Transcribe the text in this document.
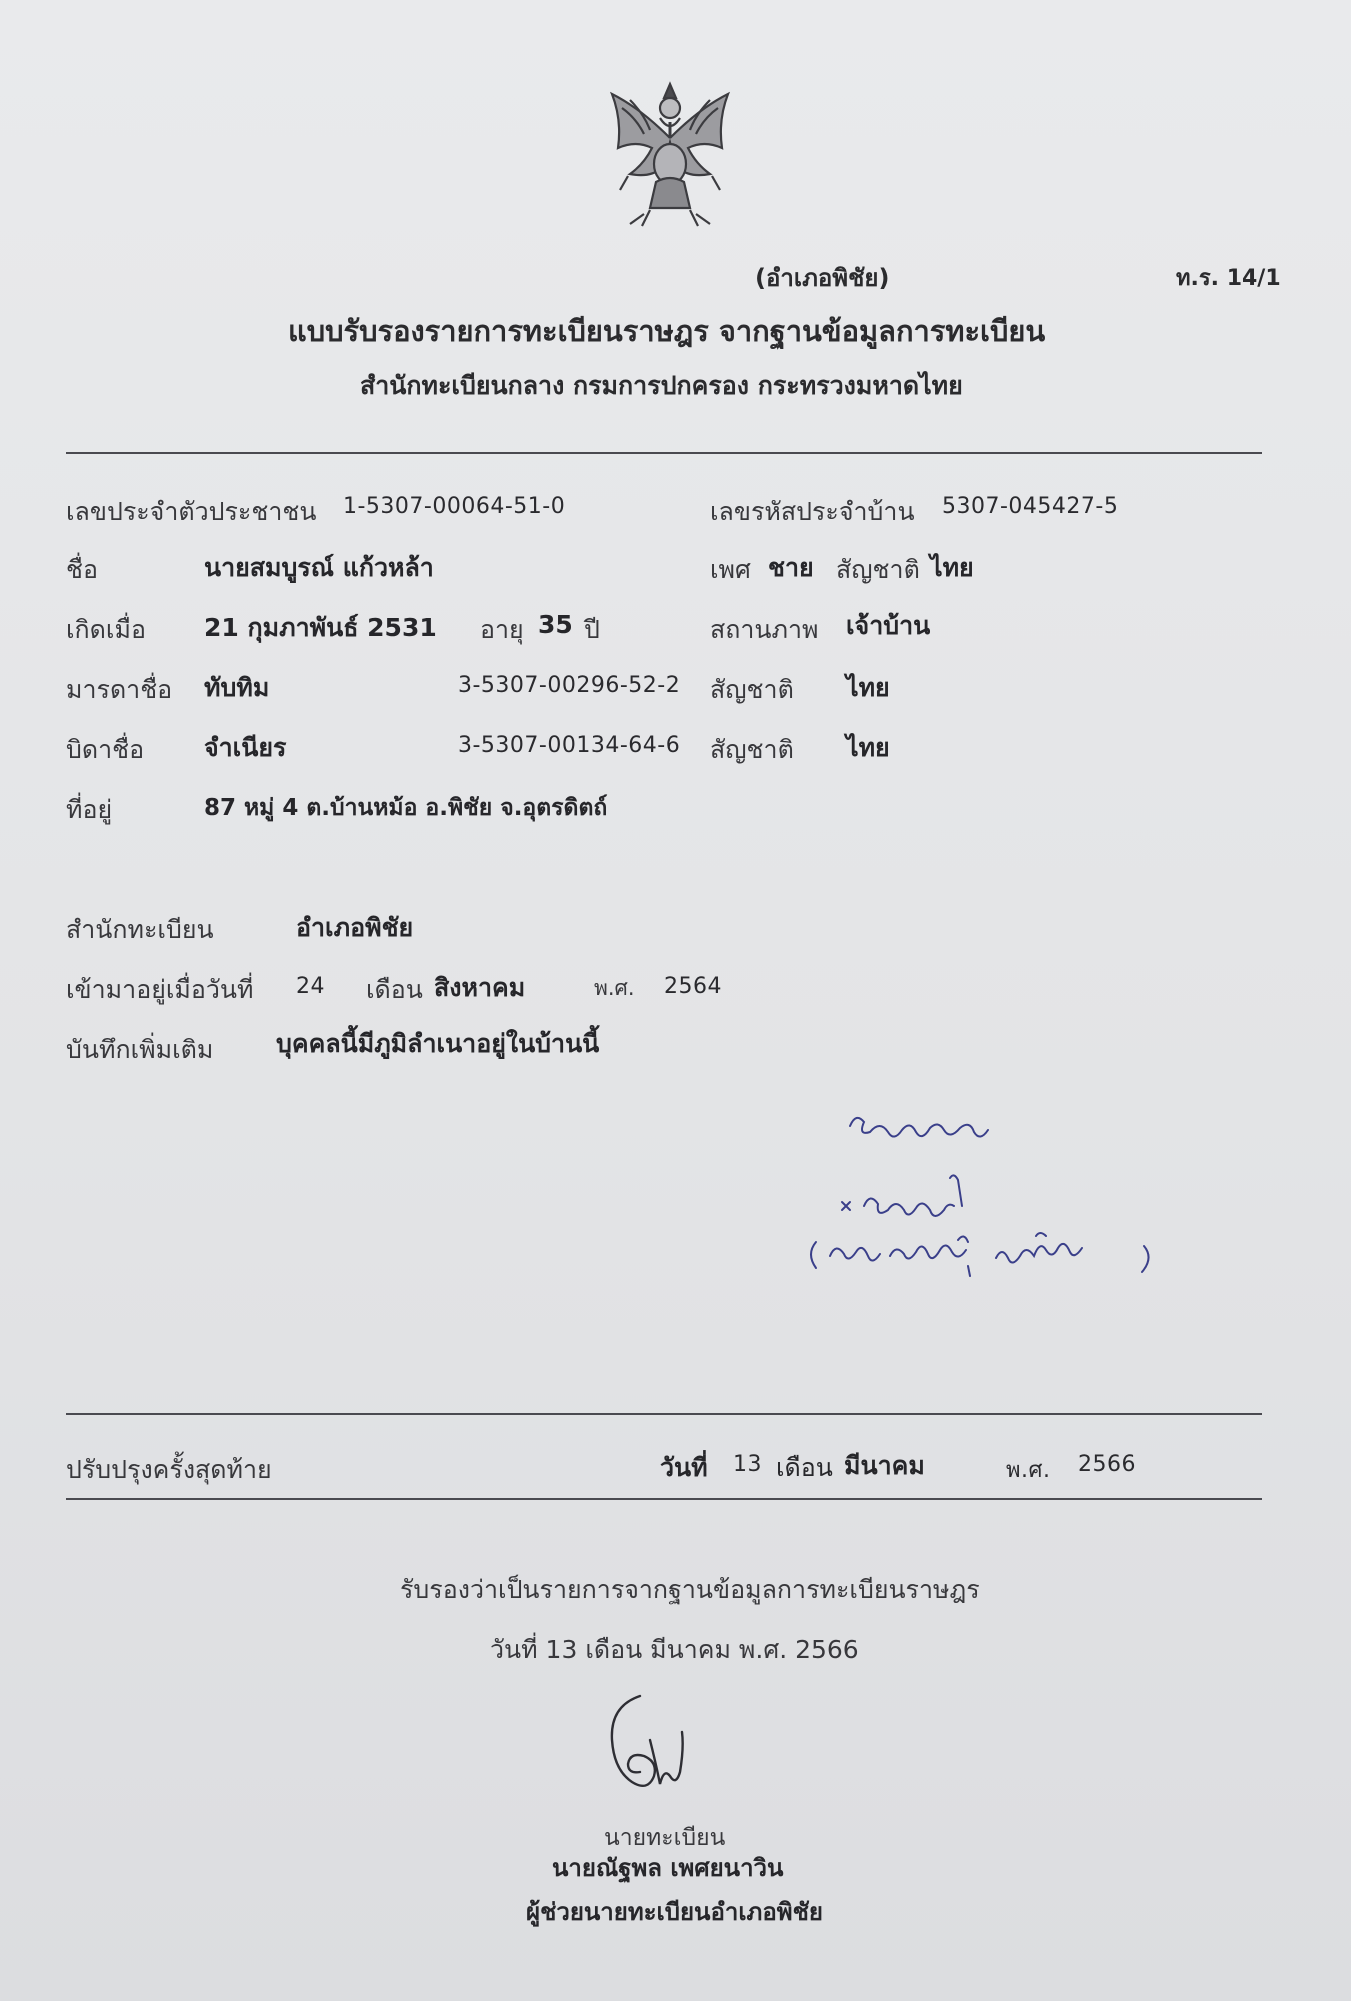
(อำเภอพิชัย)	ท.ร. 14/1
แบบรับรองรายการทะเบียนราษฎร จากฐานข้อมูลการทะเบียน
สำนักทะเบียนกลาง กรมการปกครอง กระทรวงมหาดไทย
เลขประจำตัวประชาชน 1-5307-00064-51-0	เลขรหัสประจำบ้าน 5307-045427-5
ชื่อ	นายสมบูรณ์ แก้วหล้า	เพศ ชาย สัญชาติ ไทย
เกิดเมื่อ 21 กุมภาพันธ์ 2531 อายุ 35 ปี	สถานภาพ เจ้าบ้าน
มารดาชื่อ ทับทิม	3-5307-00296-52-2 สัญชาติ ไทย
บิดาชื่อ จำเนียร	3-5307-00134-64-6 สัญชาติ ไทย
ที่อยู่	87 หมู่ 4 ต.บ้านหม้อ อ.พิชัย จ.อุตรดิตถ์
สำนักทะเบียน	อำเภอพิชัย
เข้ามาอยู่เมื่อวันที่ 24 เดือน สิงหาคม	พ.ศ. 2564
บันทึกเพิ่มเติม	บุคคลนี้มีภูมิลำเนาอยู่ในบ้านนี้
ปรับปรุงครั้งสุดท้าย	วันที่ 13 เดือน มีนาคม	พ.ศ. 2566
รับรองว่าเป็นรายการจากฐานข้อมูลการทะเบียนราษฎร
วันที่ 13 เดือน มีนาคม พ.ศ. 2566
นายทะเบียน
นายณัฐพล เพศยนาวิน
ผู้ช่วยนายทะเบียนอำเภอพิชัย
